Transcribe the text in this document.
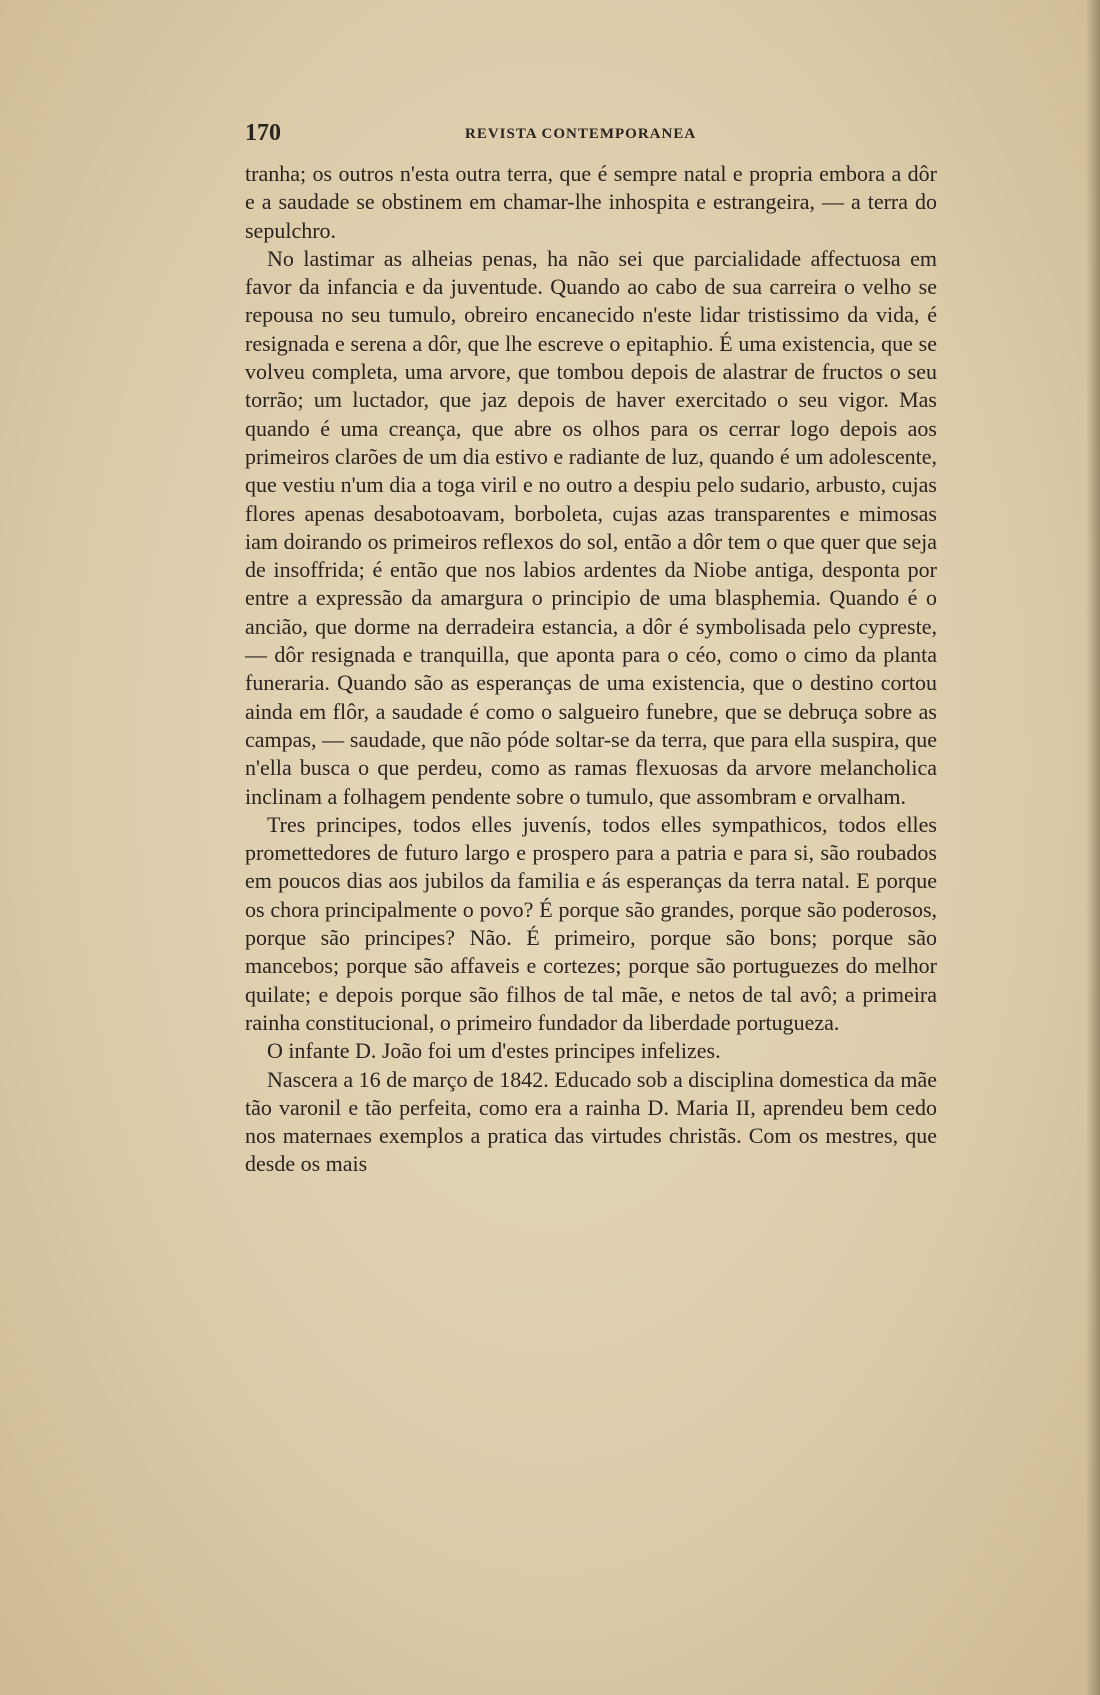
170	REVISTA CONTEMPORANEA

tranha; os outros n'esta outra terra, que é sempre natal e propria embora a dôr e a saudade se obstinem em chamar-lhe inhospita e estrangeira, — a terra do sepulchro.

No lastimar as alheias penas, ha não sei que parcialidade affectuosa em favor da infancia e da juventude. Quando ao cabo de sua carreira o velho se repousa no seu tumulo, obreiro encanecido n'este lidar tristissimo da vida, é resignada e serena a dôr, que lhe escreve o epitaphio. É uma existencia, que se volveu completa, uma arvore, que tombou depois de alastrar de fructos o seu torrão; um luctador, que jaz depois de haver exercitado o seu vigor. Mas quando é uma creança, que abre os olhos para os cerrar logo depois aos primeiros clarões de um dia estivo e radiante de luz, quando é um adolescente, que vestiu n'um dia a toga viril e no outro a despiu pelo sudario, arbusto, cujas flores apenas desabotoavam, borboleta, cujas azas transparentes e mimosas iam doirando os primeiros reflexos do sol, então a dôr tem o que quer que seja de insoffrida; é então que nos labios ardentes da Niobe antiga, desponta por entre a expressão da amargura o principio de uma blasphemia. Quando é o ancião, que dorme na derradeira estancia, a dôr é symbolisada pelo cypreste, — dôr resignada e tranquilla, que aponta para o céo, como o cimo da planta funeraria. Quando são as esperanças de uma existencia, que o destino cortou ainda em flôr, a saudade é como o salgueiro funebre, que se debruça sobre as campas, — saudade, que não póde soltar-se da terra, que para ella suspira, que n'ella busca o que perdeu, como as ramas flexuosas da arvore melancholica inclinam a folhagem pendente sobre o tumulo, que assombram e orvalham.

Tres principes, todos elles juvenís, todos elles sympathicos, todos elles promettedores de futuro largo e prospero para a patria e para si, são roubados em poucos dias aos jubilos da familia e ás esperanças da terra natal. E porque os chora principalmente o povo? É porque são grandes, porque são poderosos, porque são principes? Não. É primeiro, porque são bons; porque são mancebos; porque são affaveis e cortezes; porque são portuguezes do melhor quilate; e depois porque são filhos de tal mãe, e netos de tal avô; a primeira rainha constitucional, o primeiro fundador da liberdade portugueza.

O infante D. João foi um d'estes principes infelizes.

Nascera a 16 de março de 1842. Educado sob a disciplina domestica da mãe tão varonil e tão perfeita, como era a rainha D. Maria II, aprendeu bem cedo nos maternaes exemplos a pratica das virtudes christãs. Com os mestres, que desde os mais
